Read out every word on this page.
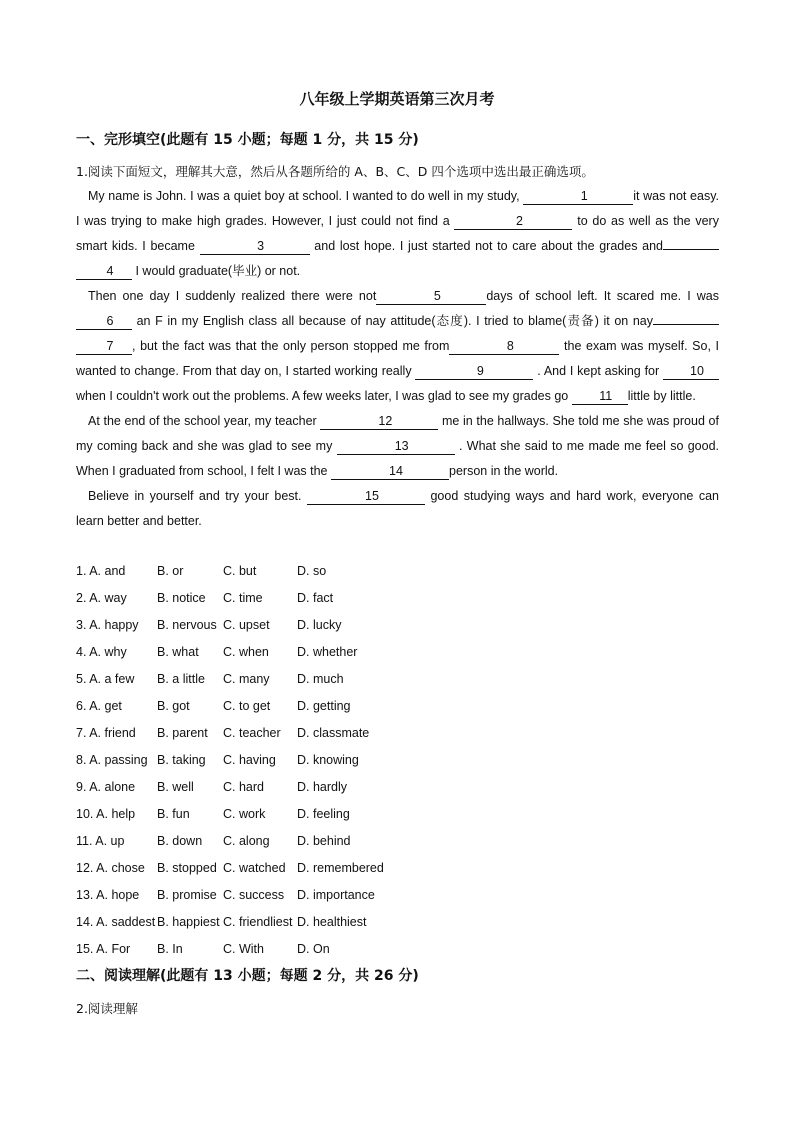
八年级上学期英语第三次月考
一、完形填空(此题有 15 小题；每题 1 分，共 15 分)
1.阅读下面短文，理解其大意，然后从各题所给的 A、B、C、D 四个选项中选出最正确选项。

My name is John. I was a quiet boy at school. I wanted to do well in my study,	1	it was not easy. I was trying to make high grades. However, I just could not find a	2	to do as well as the very smart kids. I became	3	and lost hope. I just started not to care about the grades and4 I would graduate(毕业) or not.

Then one day I suddenly realized there were not	5	days of school left. It scared me. I was6 an F in my English class all because of nay attitude(态度). I tried to blame(责备) it on nay 7 , but the fact was that the only person stopped me from	8	the exam was myself. So, I wanted to change. From that day on, I started working really	9	. And I kept asking for 10 when I couldn't work out the problems. A few weeks later, I was glad to see my grades go 11 little by little.

At the end of the school year, my teacher	12	me in the hallways. She told me she was proud of my coming back and she was glad to see my	13	. What she said to me made me feel so good. When I graduated from school, I felt I was the	14	person in the world.

Believe in yourself and try your best.	15	good studying ways and hard work, everyone can learn better and better.

1. A. and	B. or	C. but	D. so
2. A. way B. notice C. time	D. fact
3. A. happy B. nervous C. upset D. lucky
4. A. why B. what C. when D. whether
5. A. a few B. a little C. many D. much
6. A. get	B. got	C. to get D. getting
7. A. friend B. parent C. teacher D. classmate
8. A. passing B. taking C. having D. knowing
9. A. alone B. well C. hard	D. hardly
10. A. help B. fun	C. work	D. feeling
11. A. up	B. down C. along D. behind
12. A. chose B. stopped C. watched D. remembered
13. A. hope B. promise C. success D. importance
14. A. saddest B. happiest C. friendliest D. healthiest
15. A. For B. In	C. With	D. On
二、阅读理解(此题有 13 小题；每题 2 分，共 26 分)
2.阅读理解
